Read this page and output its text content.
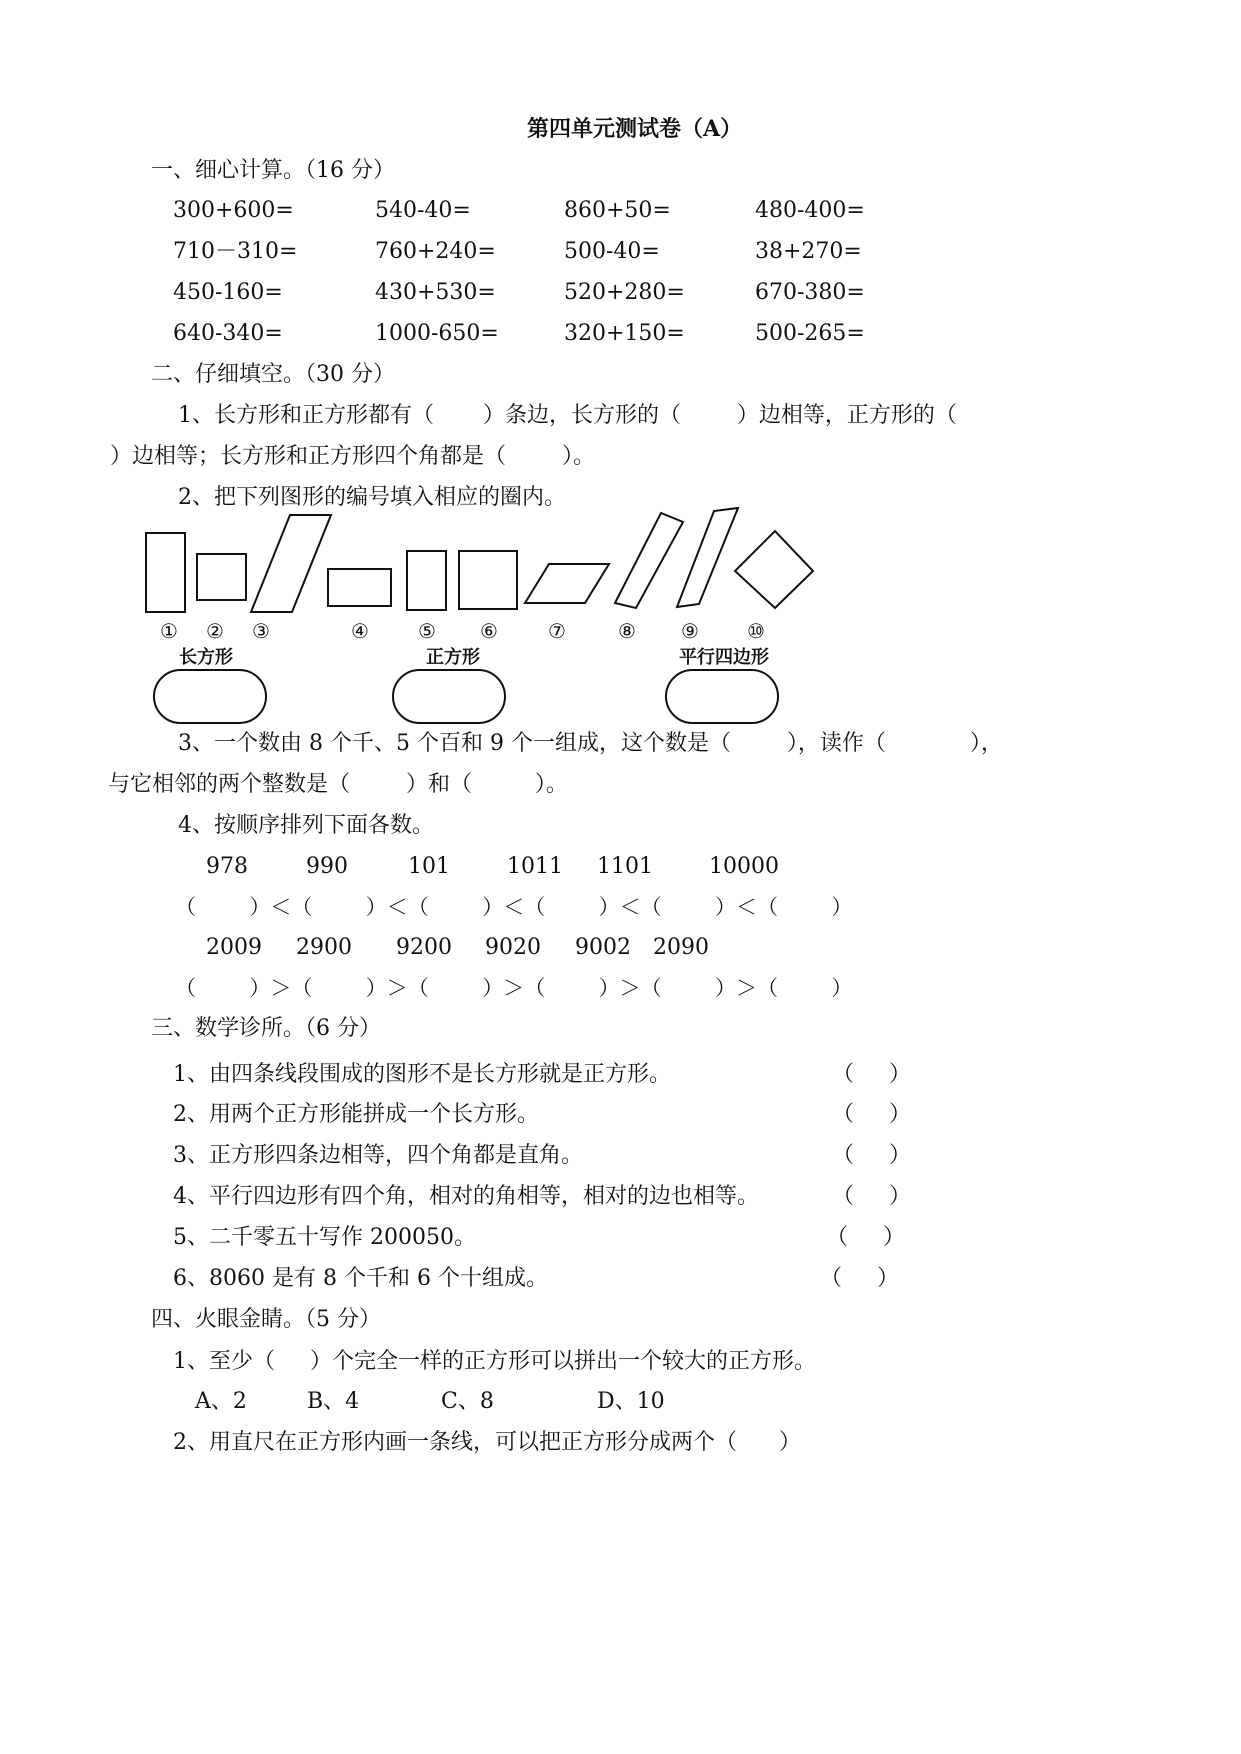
第四单元测试卷（A）
一、细心计算。（16 分）
300+600=	540-40=	860+50=	480-400=
710－310=	760+240=	500-40=	38+270=
450-160=	430+530=	520+280=	670-380=
640-340=	1000-650=	320+150=	500-265=
二、仔细填空。（30 分）
1、长方形和正方形都有（       ）条边，长方形的（        ）边相等，正方形的（
）边相等；长方形和正方形四个角都是（        ）。
2、把下列图形的编号填入相应的圈内。
① ② ③	④ ⑤ ⑥	⑦	⑧ ⑨ ⑩
长方形	正方形	平行四边形
3、一个数由 8 个千、5 个百和 9 个一组成，这个数是（        ），读作（            ），
与它相邻的两个整数是（        ）和（         ）。
4、按顺序排列下面各数。
978	990	101	1011 1101	10000
（        ）＜（        ）＜（        ）＜（        ）＜（        ）＜（        ）
2009 2900 9200 9020 9002 2090
（        ）＞（        ）＞（        ）＞（        ）＞（        ）＞（        ）
三、数学诊所。（6 分）
1、由四条线段围成的图形不是长方形就是正方形。	（     ）
2、用两个正方形能拼成一个长方形。	（     ）
3、正方形四条边相等，四个角都是直角。	（     ）
4、平行四边形有四个角，相对的角相等，相对的边也相等。	（     ）
5、二千零五十写作 200050。	（     ）
6、8060 是有 8 个千和 6 个十组成。	（     ）
四、火眼金睛。（5 分）
1、至少（     ）个完全一样的正方形可以拼出一个较大的正方形。
A、2	B、4	C、8	D、10
2、用直尺在正方形内画一条线，可以把正方形分成两个（      ）
